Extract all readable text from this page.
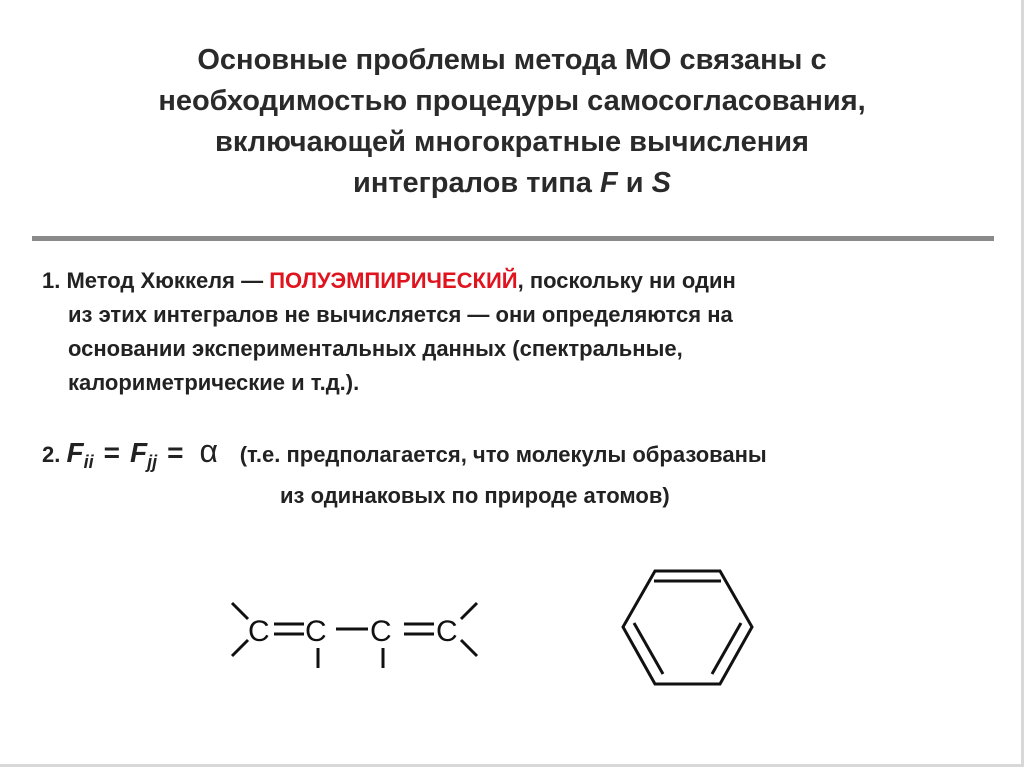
Основные проблемы метода МО связаны с
необходимостью процедуры самосогласования,
включающей многократные вычисления
интегралов типа F и S
1. Метод Хюккеля — ПОЛУЭМПИРИЧЕСКИЙ, поскольку ни один
из этих интегралов не вычисляется — они определяются на
основании экспериментальных данных (спектральные,
калориметрические и т.д.).
2. $F_{ii} = F_{jj} = \alpha$ (т.е. предполагается, что молекулы образованы
из одинаковых по природе атомов)
C C C C
